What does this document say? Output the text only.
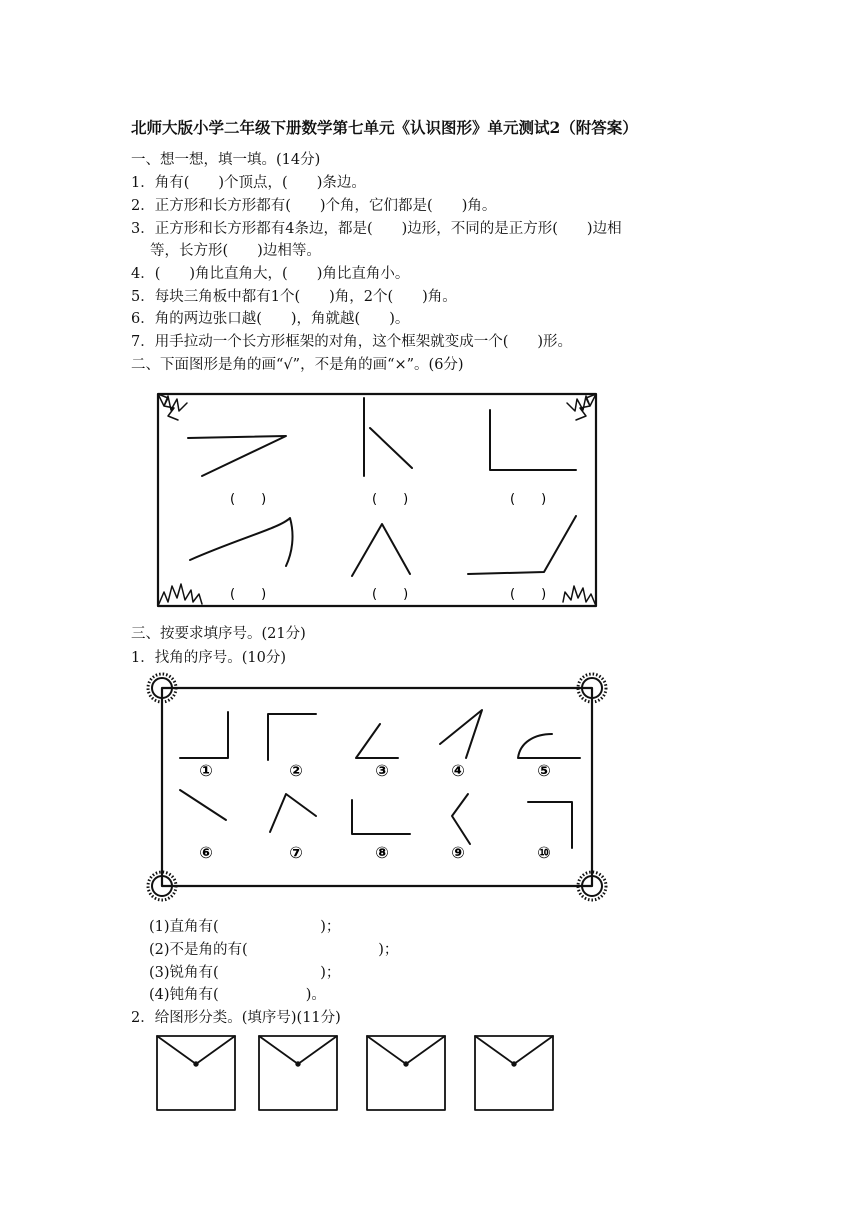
北师大版小学二年级下册数学第七单元《认识图形》单元测试2（附答案）
一、想一想，填一填。(14分)
1．角有(　　)个顶点，(　　)条边。
2．正方形和长方形都有(　　)个角，它们都是(　　)角。
3．正方形和长方形都有4条边，都是(　　)边形，不同的是正方形(　　)边相
等，长方形(　　)边相等。
4．(　　)角比直角大，(　　)角比直角小。
5．每块三角板中都有1个(　　)角，2个(　　)角。
6．角的两边张口越(　　)，角就越(　　)。
7．用手拉动一个长方形框架的对角，这个框架就变成一个(　　)形。
二、下面图形是角的画“√”，不是角的画“×”。(6分)
(　　)	(　　)	(　　)
(　　)	(　　)	(　　)
三、按要求填序号。(21分)
1．找角的序号。(10分)
①	②	③	④	⑤
⑥	⑦	⑧	⑨	⑩
(1)直角有(　　　　　　　)；
(2)不是角的有(　　　　　　　　　)；
(3)锐角有(　　　　　　　)；
(4)钝角有(　　　　　　)。
2．给图形分类。(填序号)(11分)
